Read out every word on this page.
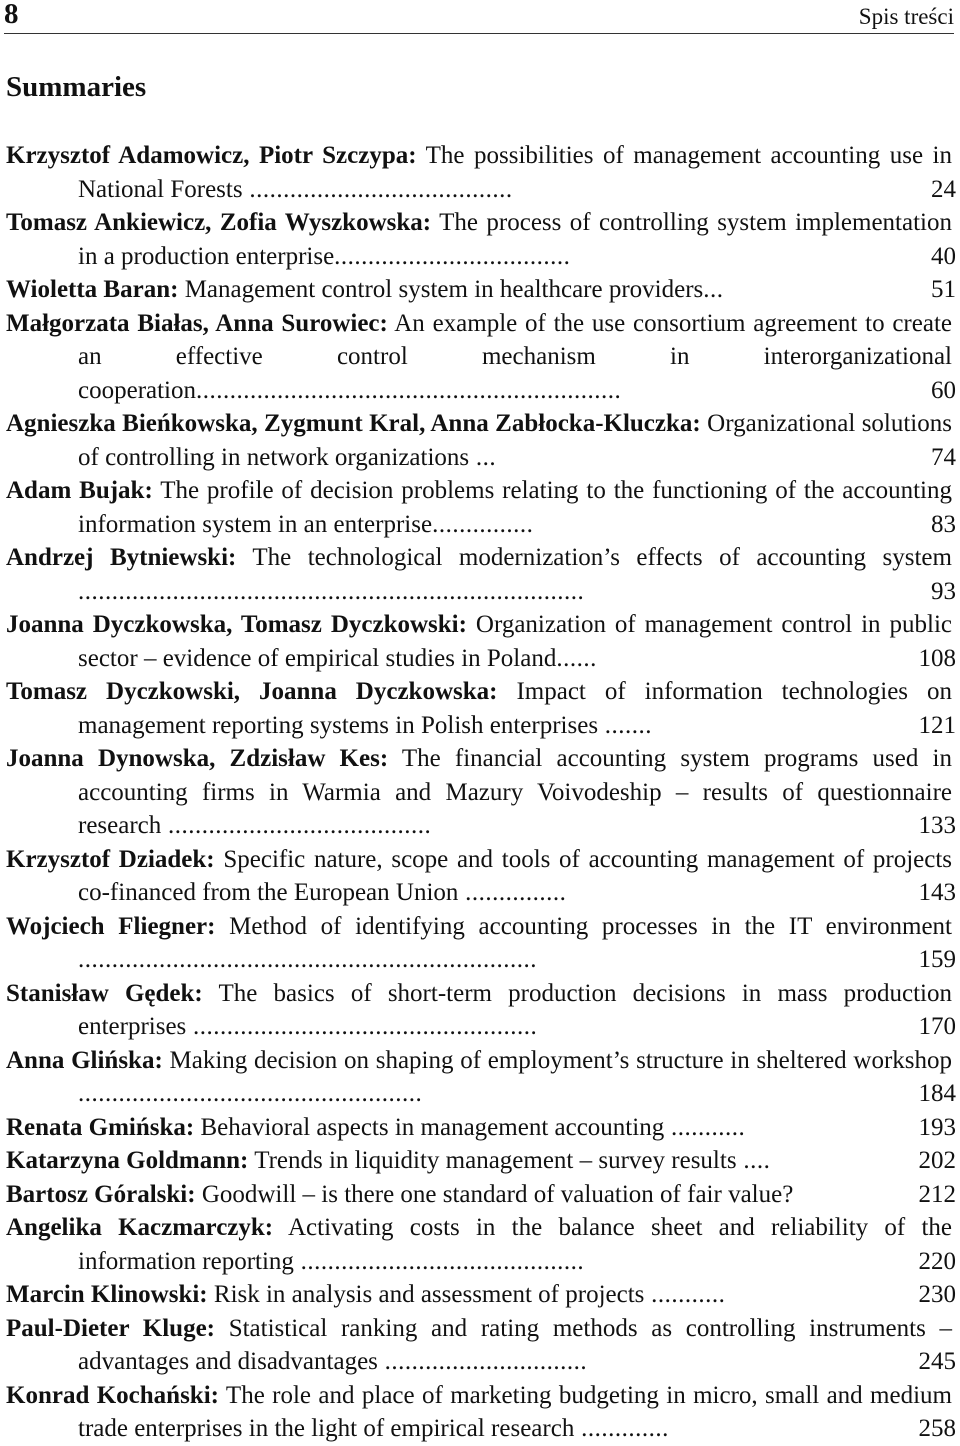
8	Spis treści
Summaries
Krzysztof Adamowicz, Piotr Szczypa: The possibilities of management accounting use in National Forests .......................................	24
Tomasz Ankiewicz, Zofia Wyszkowska: The process of controlling system implementation in a production enterprise...................................	40
Wioletta Baran: Management control system in healthcare providers...	51
Małgorzata Białas, Anna Surowiec: An example of the use consortium agreement to create an effective control mechanism in interorganizational cooperation...............................................................	60
Agnieszka Bieńkowska, Zygmunt Kral, Anna Zabłocka-Kluczka: Organizational solutions of controlling in network organizations ...	74
Adam Bujak: The profile of decision problems relating to the functioning of the accounting information system in an enterprise...............	83
Andrzej Bytniewski: The technological modernization’s effects of accounting system ...........................................................................	93
Joanna Dyczkowska, Tomasz Dyczkowski: Organization of management control in public sector – evidence of empirical studies in Poland......	108
Tomasz Dyczkowski, Joanna Dyczkowska: Impact of information technologies on management reporting systems in Polish enterprises .......	121
Joanna Dynowska, Zdzisław Kes: The financial accounting system programs used in accounting firms in Warmia and Mazury Voivodeship – results of questionnaire research .......................................	133
Krzysztof Dziadek: Specific nature, scope and tools of accounting management of projects co-financed from the European Union ...............	143
Wojciech Fliegner: Method of identifying accounting processes in the IT environment ....................................................................	159
Stanisław Gędek: The basics of short-term production decisions in mass production enterprises ...................................................	170
Anna Glińska: Making decision on shaping of employment’s structure in sheltered workshop ...................................................	184
Renata Gmińska: Behavioral aspects in management accounting ...........	193
Katarzyna Goldmann: Trends in liquidity management – survey results ....	202
Bartosz Góralski: Goodwill – is there one standard of valuation of fair value?	212
Angelika Kaczmarczyk: Activating costs in the balance sheet and reliability of the information reporting ..........................................	220
Marcin Klinowski: Risk in analysis and assessment of projects ...........	230
Paul-Dieter Kluge: Statistical ranking and rating methods as controlling instruments – advantages and disadvantages ..............................	245
Konrad Kochański: The role and place of marketing budgeting in micro, small and medium trade enterprises in the light of empirical research .............	258
